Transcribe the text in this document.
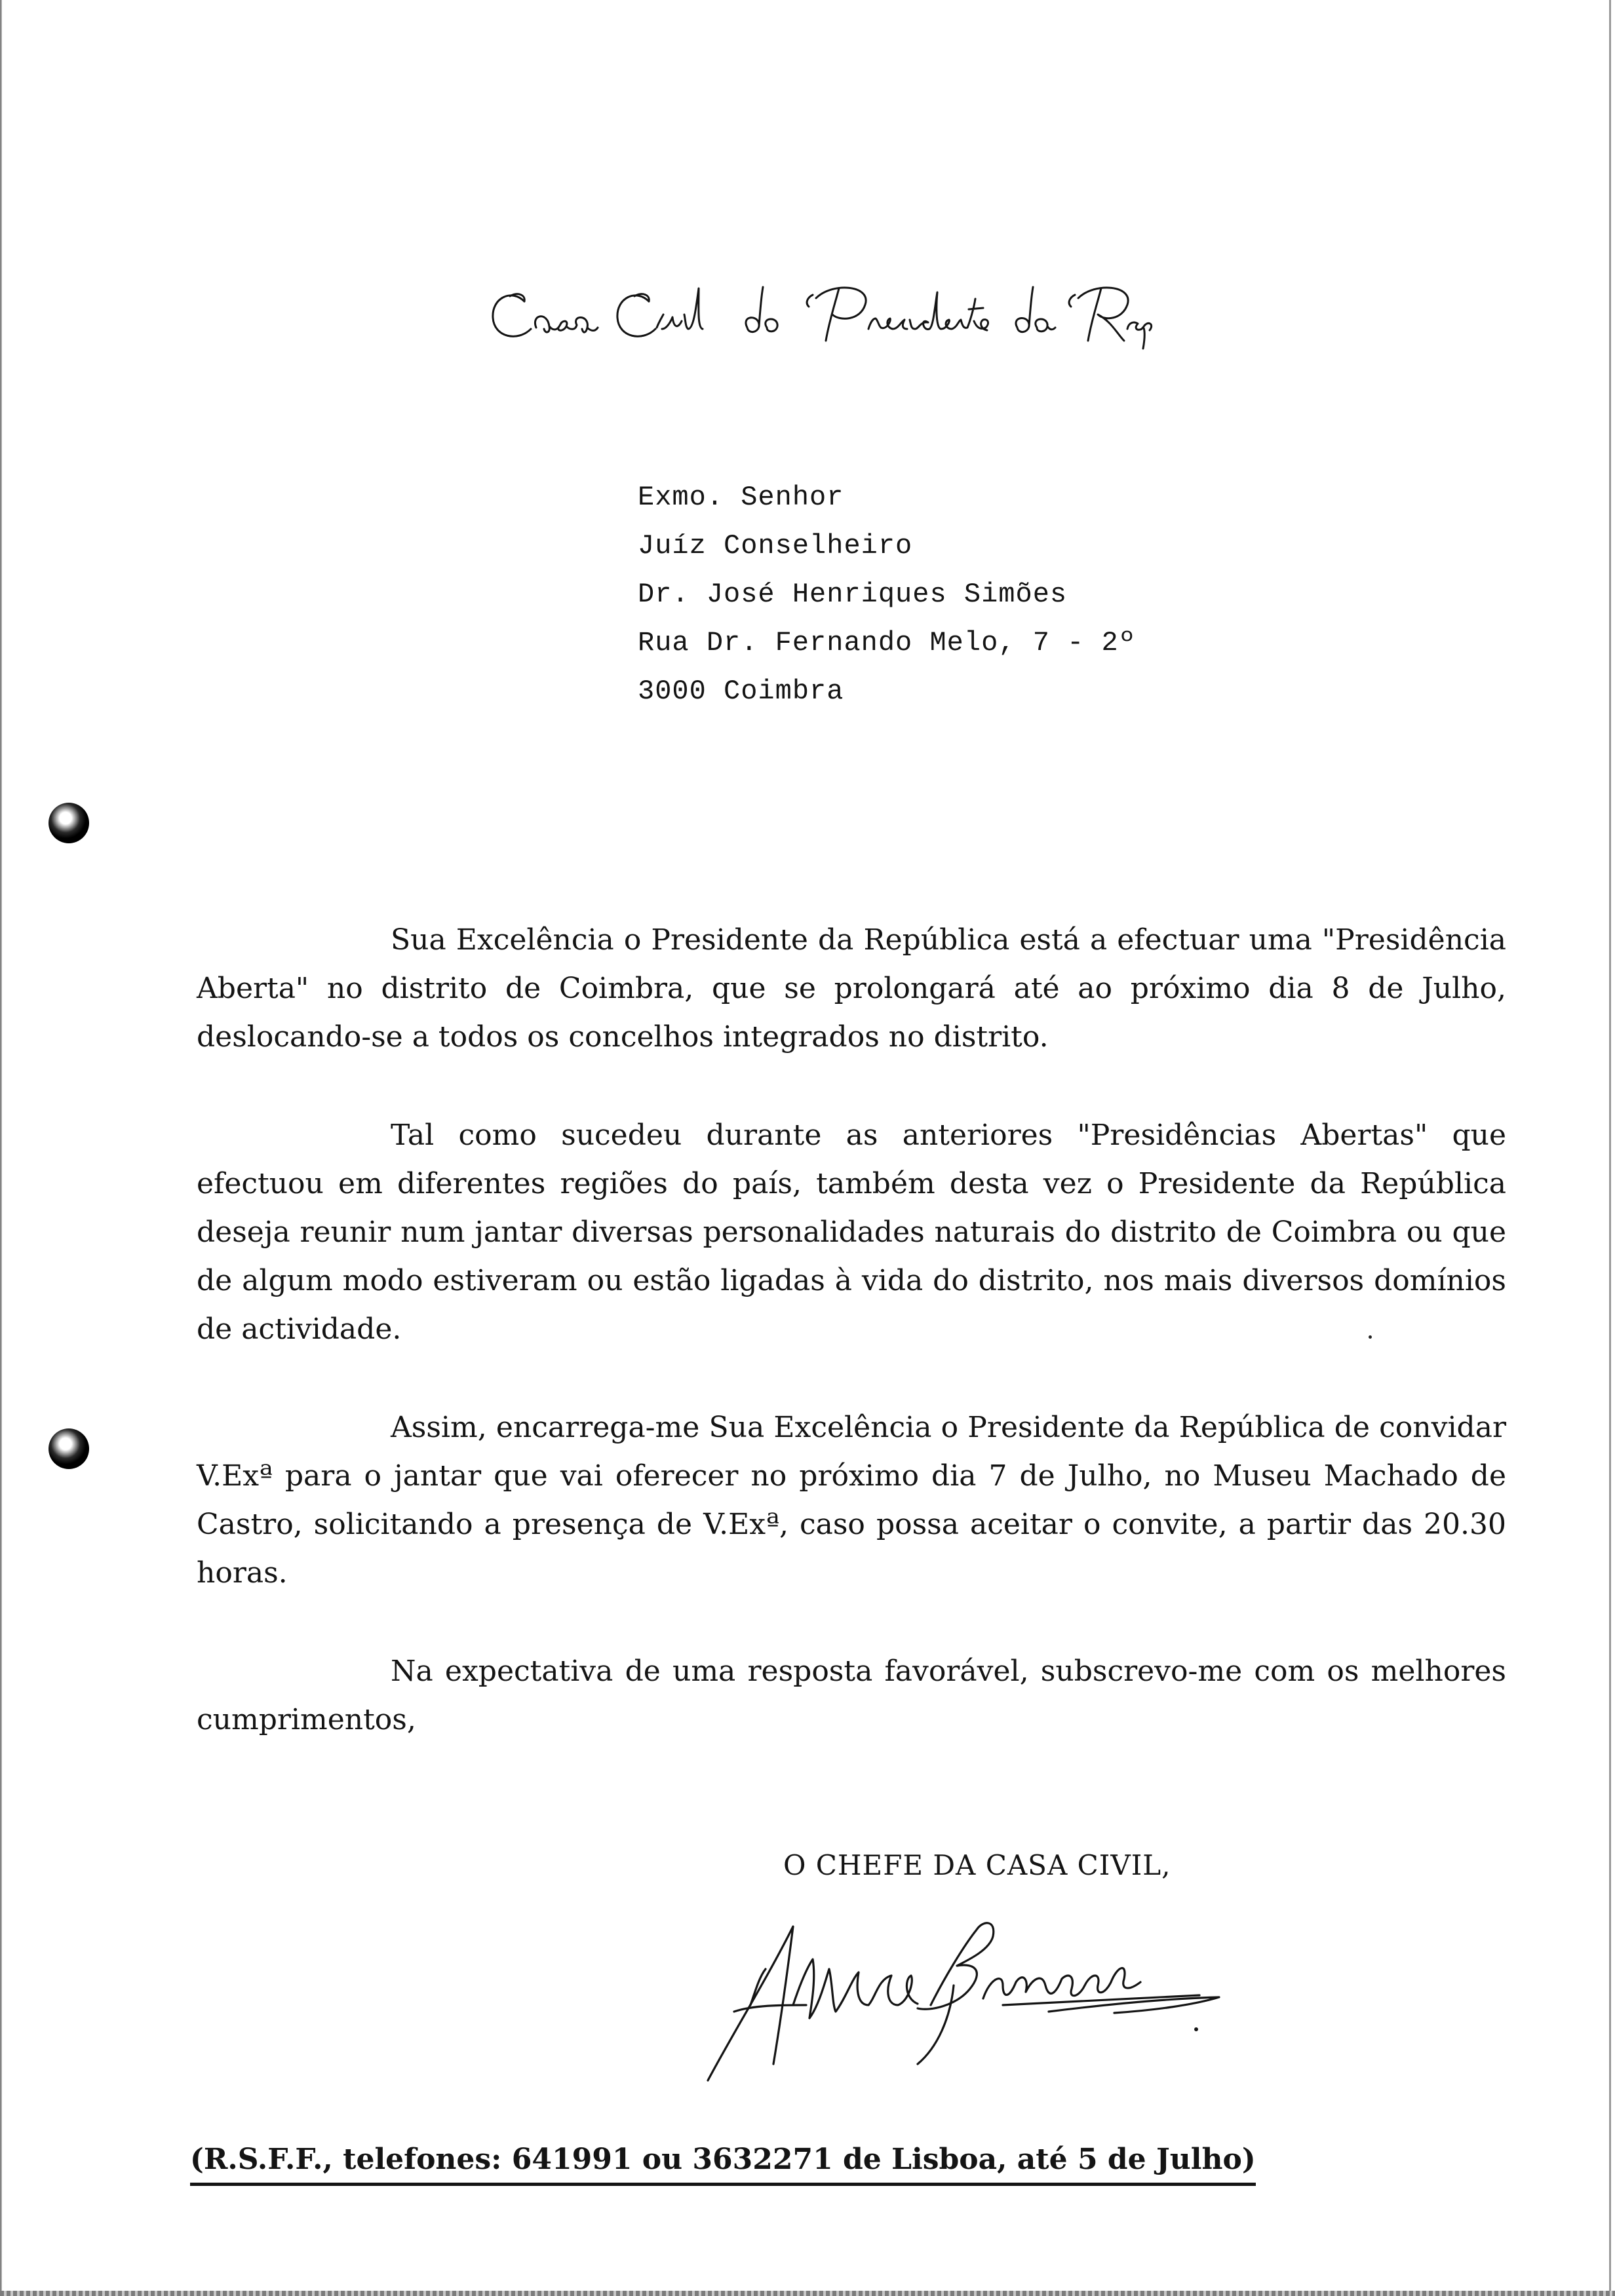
Exmo. Senhor
Juíz Conselheiro
Dr. José Henriques Simões
Rua Dr. Fernando Melo, 7 - 2º
3000 Coimbra

Sua Excelência o Presidente da República está a efectuar uma "Presidência Aberta" no distrito de Coimbra, que se prolongará até ao próximo dia 8 de Julho, deslocando-se a todos os concelhos integrados no distrito.

Tal como sucedeu durante as anteriores "Presidências Abertas" que efectuou em diferentes regiões do país, também desta vez o Presidente da República deseja reunir num jantar diversas personalidades naturais do distrito de Coimbra ou que de algum modo estiveram ou estão ligadas à vida do distrito, nos mais diversos domínios de actividade.

Assim, encarrega-me Sua Excelência o Presidente da República de convidar V.Exª para o jantar que vai oferecer no próximo dia 7 de Julho, no Museu Machado de Castro, solicitando a presença de V.Exª, caso possa aceitar o convite, a partir das 20.30 horas.

Na expectativa de uma resposta favorável, subscrevo-me com os melhores cumprimentos,

O CHEFE DA CASA CIVIL,
(R.S.F.F., telefones: 641991 ou 3632271 de Lisboa, até 5 de Julho)
